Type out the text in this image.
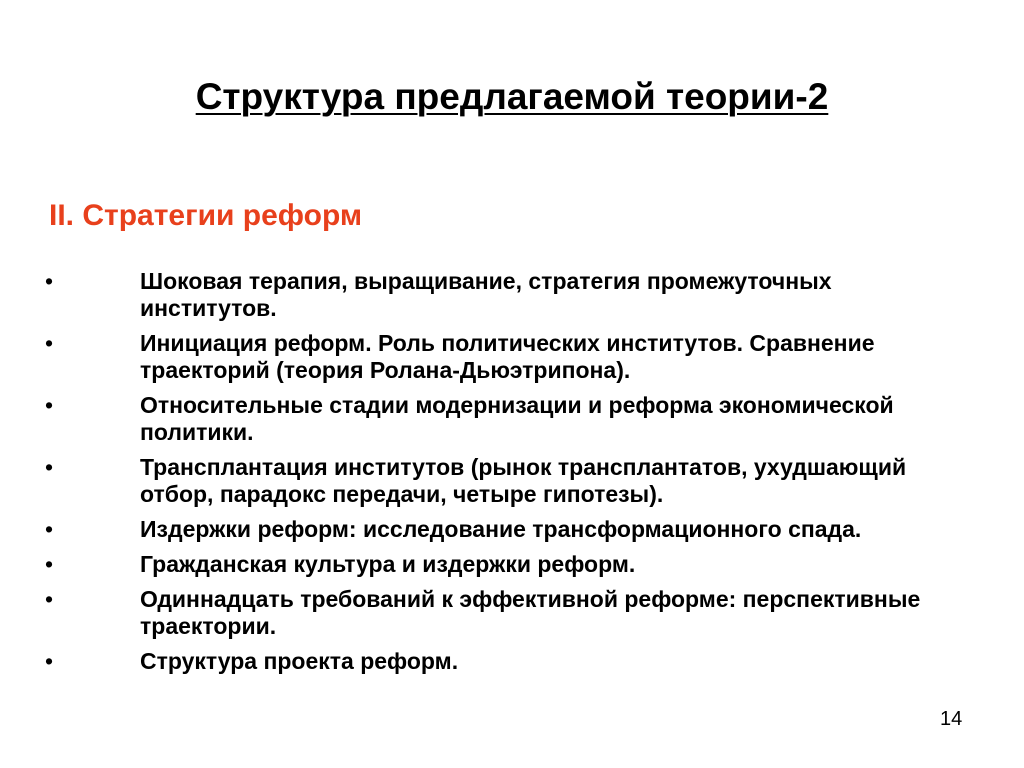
Структура предлагаемой теории-2
II. Стратегии реформ
•	Шоковая терапия, выращивание, стратегия промежуточных институтов.
•	Инициация реформ. Роль политических институтов. Сравнение траекторий (теория Ролана-Дьюэтрипона).
•	Относительные стадии модернизации и реформа экономической политики.
•	Трансплантация институтов (рынок трансплантатов, ухудшающий отбор, парадокс передачи, четыре гипотезы).
•	Издержки реформ: исследование трансформационного спада.
•	Гражданская культура и издержки реформ.
•	Одиннадцать требований к эффективной реформе: перспективные траектории.
•	Структура проекта реформ.
14
